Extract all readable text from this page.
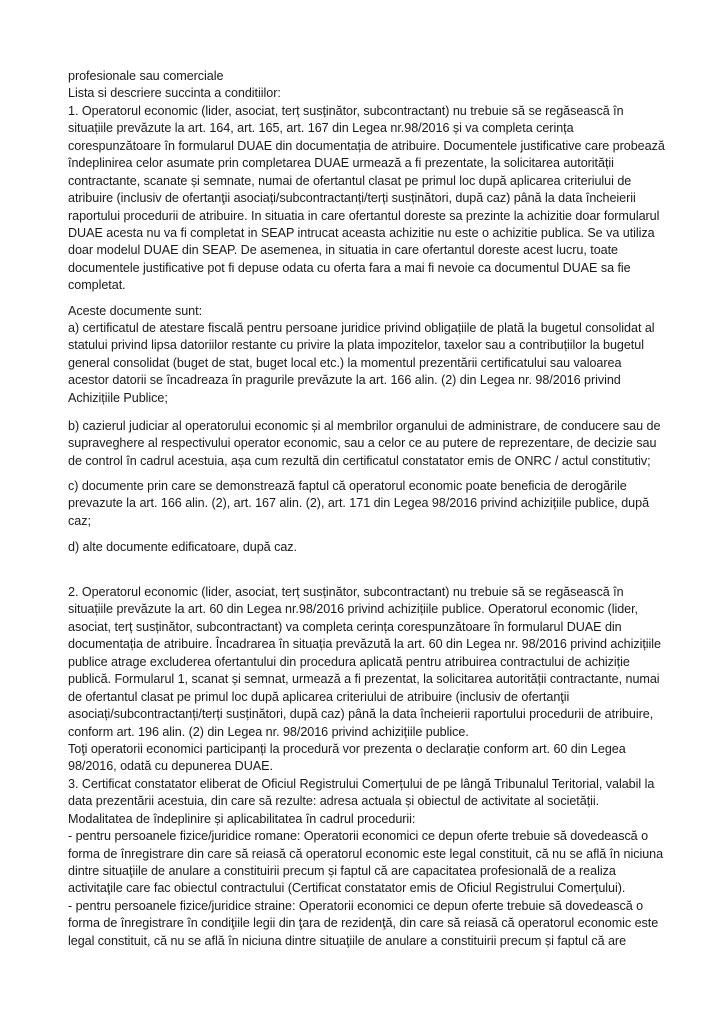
profesionale sau comerciale
Lista si descriere succinta a conditiilor:
1. Operatorul economic (lider, asociat, terț susținător, subcontractant) nu trebuie să se regăsească în
situațiile prevăzute la art. 164, art. 165, art. 167 din Legea nr.98/2016 și va completa cerința
corespunzătoare în formularul DUAE din documentația de atribuire. Documentele justificative care probează
îndeplinirea celor asumate prin completarea DUAE urmează a fi prezentate, la solicitarea autorității
contractante, scanate și semnate, numai de ofertantul clasat pe primul loc după aplicarea criteriului de
atribuire (inclusiv de ofertanţii asociați/subcontractanți/terți susținători, după caz) până la data încheierii
raportului procedurii de atribuire. In situatia in care ofertantul doreste sa prezinte la achizitie doar formularul
DUAE acesta nu va fi completat in SEAP intrucat aceasta achizitie nu este o achizitie publica. Se va utiliza
doar modelul DUAE din SEAP. De asemenea, in situatia in care ofertantul doreste acest lucru, toate
documentele justificative pot fi depuse odata cu oferta fara a mai fi nevoie ca documentul DUAE sa fie
completat.
Aceste documente sunt:
a) certificatul de atestare fiscală pentru persoane juridice privind obligațiile de plată la bugetul consolidat al
statului privind lipsa datoriilor restante cu privire la plata impozitelor, taxelor sau a contribuțiilor la bugetul
general consolidat (buget de stat, buget local etc.) la momentul prezentării certificatului sau valoarea
acestor datorii se încadreaza în pragurile prevăzute la art. 166 alin. (2) din Legea nr. 98/2016 privind
Achizițiile Publice;
b) cazierul judiciar al operatorului economic și al membrilor organului de administrare, de conducere sau de
supraveghere al respectivului operator economic, sau a celor ce au putere de reprezentare, de decizie sau
de control în cadrul acestuia, așa cum rezultă din certificatul constatator emis de ONRC / actul constitutiv;
c) documente prin care se demonstrează faptul că operatorul economic poate beneficia de derogările
prevazute la art. 166 alin. (2), art. 167 alin. (2), art. 171 din Legea 98/2016 privind achizițiile publice, după
caz;
d) alte documente edificatoare, după caz.
2. Operatorul economic (lider, asociat, terț susținător, subcontractant) nu trebuie să se regăsească în
situațiile prevăzute la art. 60 din Legea nr.98/2016 privind achizițiile publice. Operatorul economic (lider,
asociat, terț susținător, subcontractant) va completa cerința corespunzătoare în formularul DUAE din
documentația de atribuire. Încadrarea în situația prevăzută la art. 60 din Legea nr. 98/2016 privind achizițiile
publice atrage excluderea ofertantului din procedura aplicată pentru atribuirea contractului de achiziție
publică. Formularul 1, scanat și semnat, urmează a fi prezentat, la solicitarea autorității contractante, numai
de ofertantul clasat pe primul loc după aplicarea criteriului de atribuire (inclusiv de ofertanţii
asociați/subcontractanți/terți susținători, după caz) până la data încheierii raportului procedurii de atribuire,
conform art. 196 alin. (2) din Legea nr. 98/2016 privind achizițiile publice.
Toţi operatorii economici participanți la procedură vor prezenta o declarație conform art. 60 din Legea
98/2016, odată cu depunerea DUAE.
3. Certificat constatator eliberat de Oficiul Registrului Comerțului de pe lângă Tribunalul Teritorial, valabil la
data prezentării acestuia, din care să rezulte: adresa actuala și obiectul de activitate al societății.
Modalitatea de îndeplinire și aplicabilitatea în cadrul procedurii:
- pentru persoanele fizice/juridice romane: Operatorii economici ce depun oferte trebuie să dovedească o
forma de înregistrare din care să reiasă că operatorul economic este legal constituit, că nu se află în niciuna
dintre situaţiile de anulare a constituirii precum și faptul că are capacitatea profesională de a realiza
activitaţile care fac obiectul contractului (Certificat constatator emis de Oficiul Registrului Comerțului).
- pentru persoanele fizice/juridice straine: Operatorii economici ce depun oferte trebuie să dovedească o
forma de înregistrare în condiţiile legii din ţara de rezidenţă, din care să reiasă că operatorul economic este
legal constituit, că nu se află în niciuna dintre situaţiile de anulare a constituirii precum și faptul că are
